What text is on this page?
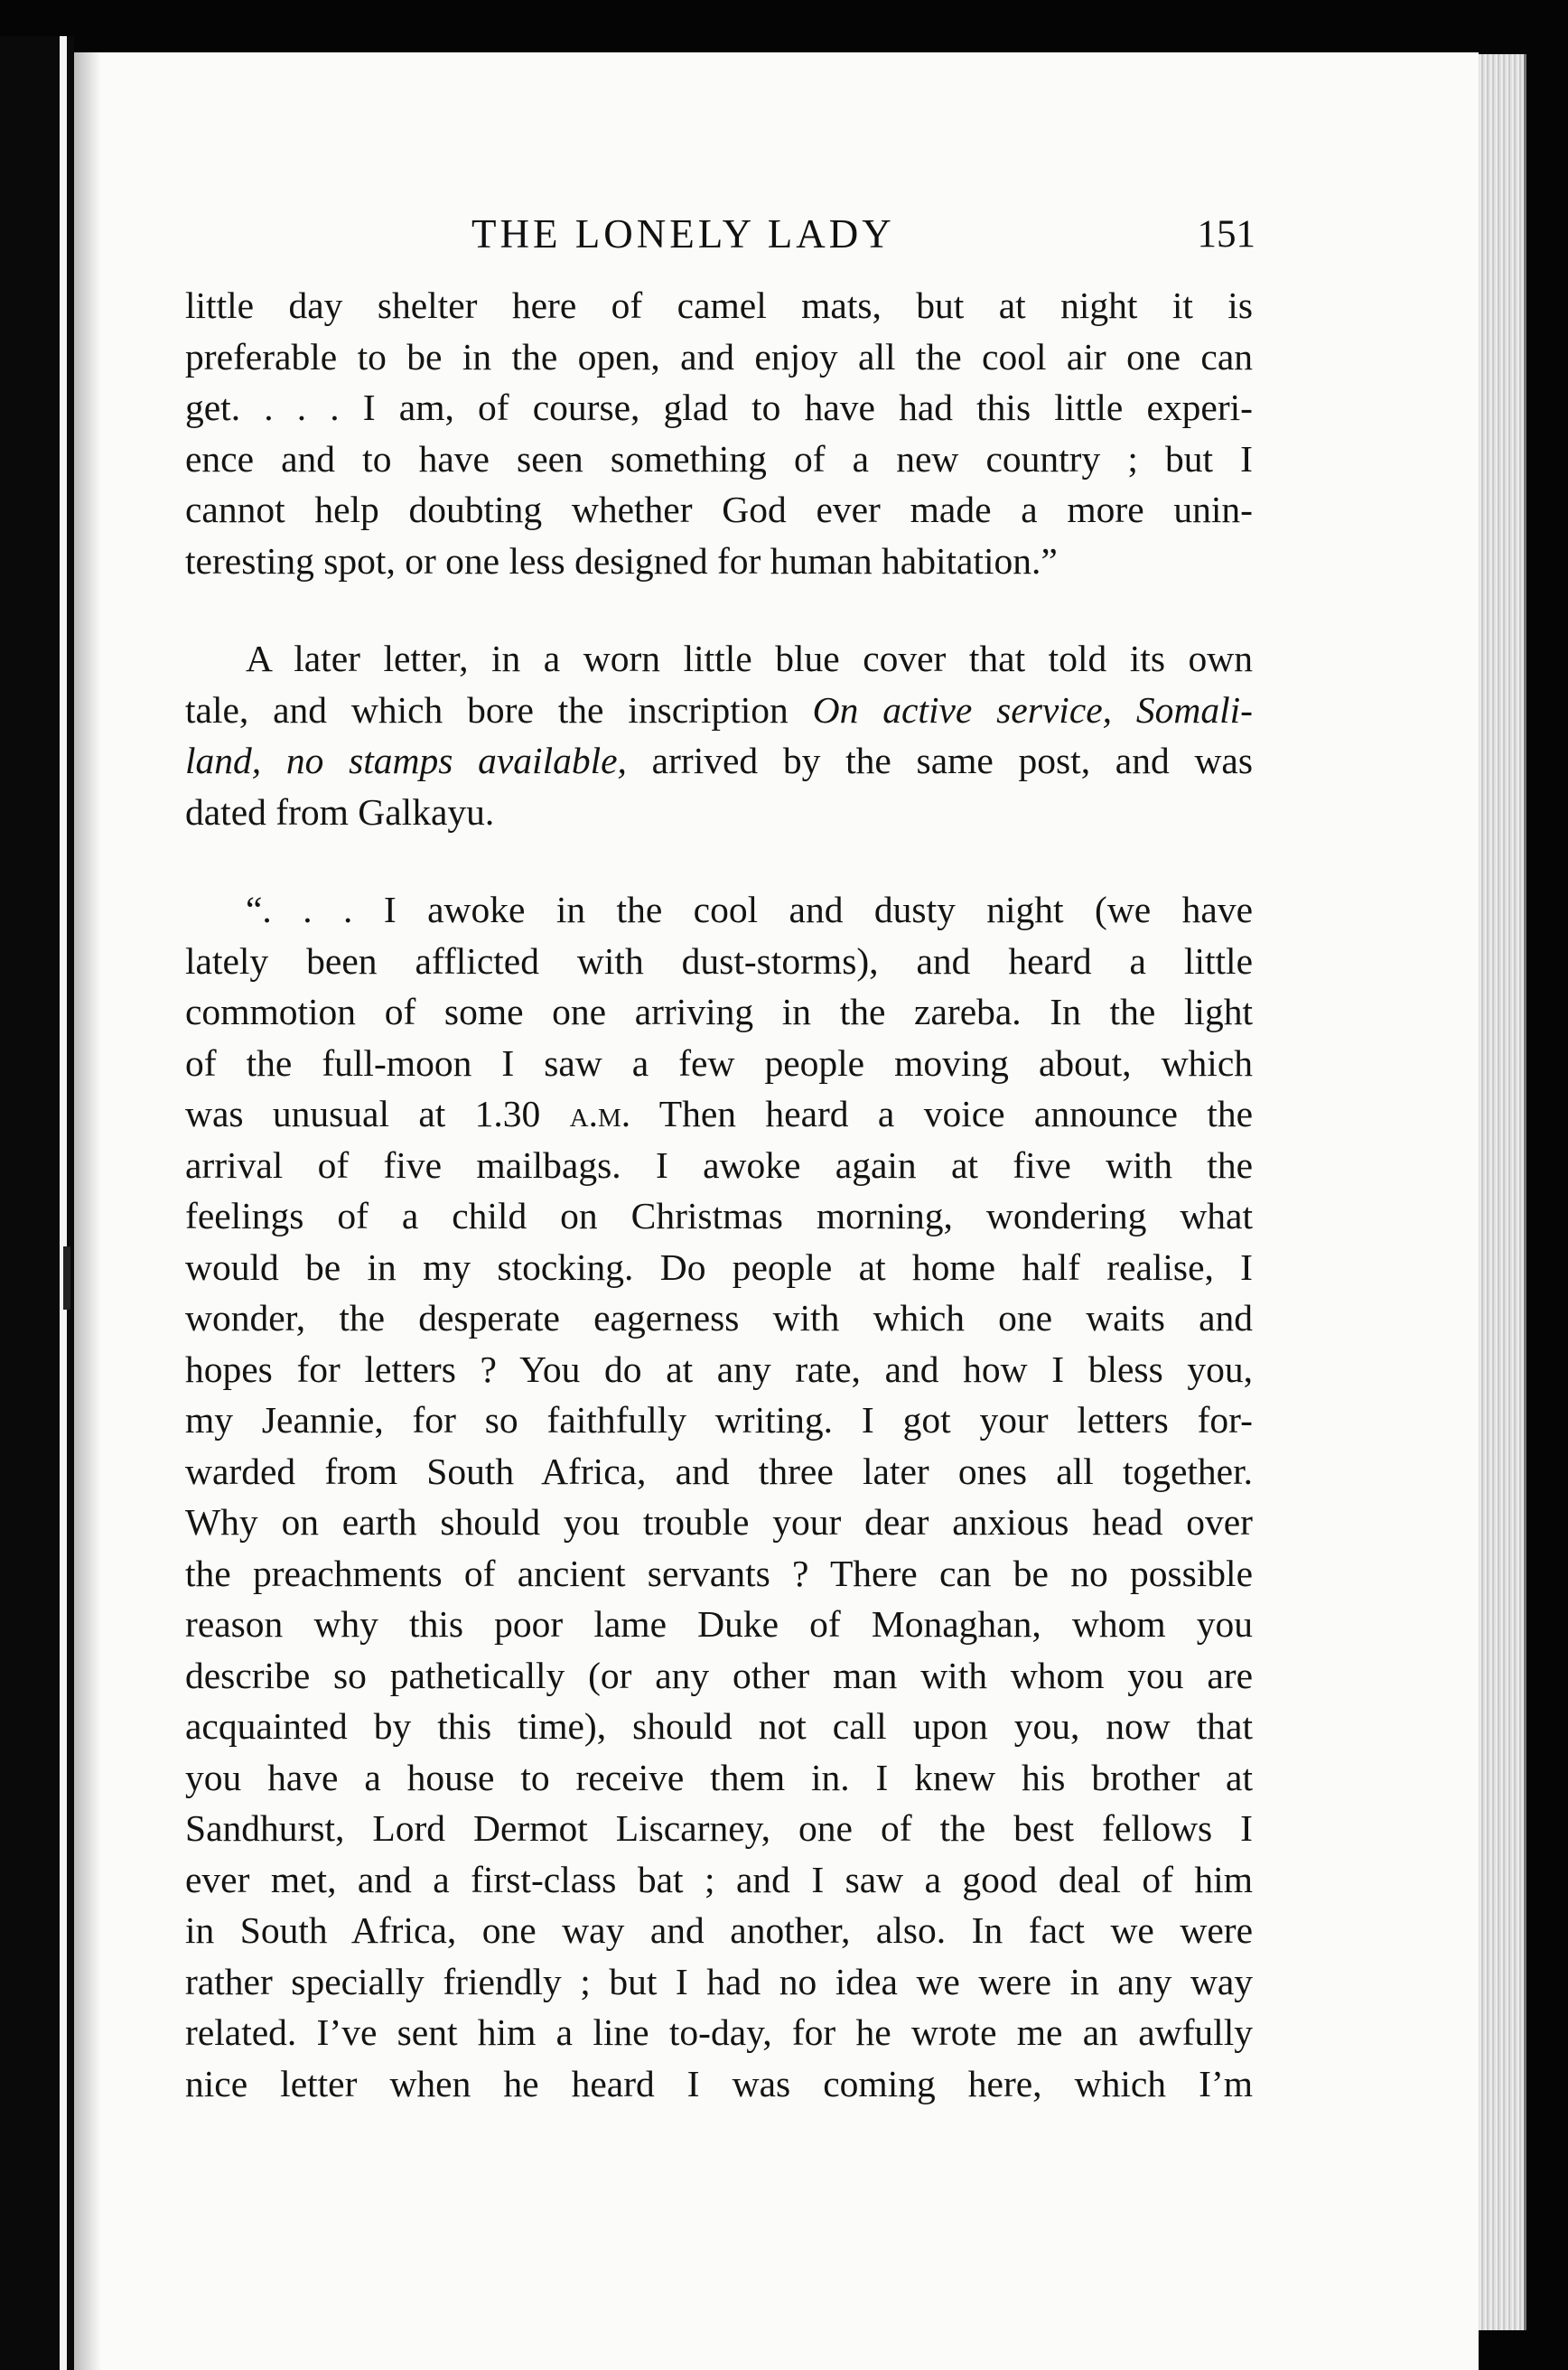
THE LONELY LADY	151
little day shelter here of camel mats, but at night it is
preferable to be in the open, and enjoy all the cool air one can
get. . . . I am, of course, glad to have had this little experi-
ence and to have seen something of a new country ; but I
cannot help doubting whether God ever made a more unin-
teresting spot, or one less designed for human habitation.”
A later letter, in a worn little blue cover that told its own
tale, and which bore the inscription On active service, Somali-
land, no stamps available, arrived by the same post, and was
dated from Galkayu.
“. . . I awoke in the cool and dusty night (we have
lately been afflicted with dust-storms), and heard a little
commotion of some one arriving in the zareba. In the light
of the full-moon I saw a few people moving about, which
was unusual at 1.30 a.m. Then heard a voice announce the
arrival of five mailbags. I awoke again at five with the
feelings of a child on Christmas morning, wondering what
would be in my stocking. Do people at home half realise, I
wonder, the desperate eagerness with which one waits and
hopes for letters ? You do at any rate, and how I bless you,
my Jeannie, for so faithfully writing. I got your letters for-
warded from South Africa, and three later ones all together.
Why on earth should you trouble your dear anxious head over
the preachments of ancient servants ? There can be no possible
reason why this poor lame Duke of Monaghan, whom you
describe so pathetically (or any other man with whom you are
acquainted by this time), should not call upon you, now that
you have a house to receive them in. I knew his brother at
Sandhurst, Lord Dermot Liscarney, one of the best fellows I
ever met, and a first-class bat ; and I saw a good deal of him
in South Africa, one way and another, also. In fact we were
rather specially friendly ; but I had no idea we were in any way
related. I’ve sent him a line to-day, for he wrote me an awfully
nice letter when he heard I was coming here, which I’m
